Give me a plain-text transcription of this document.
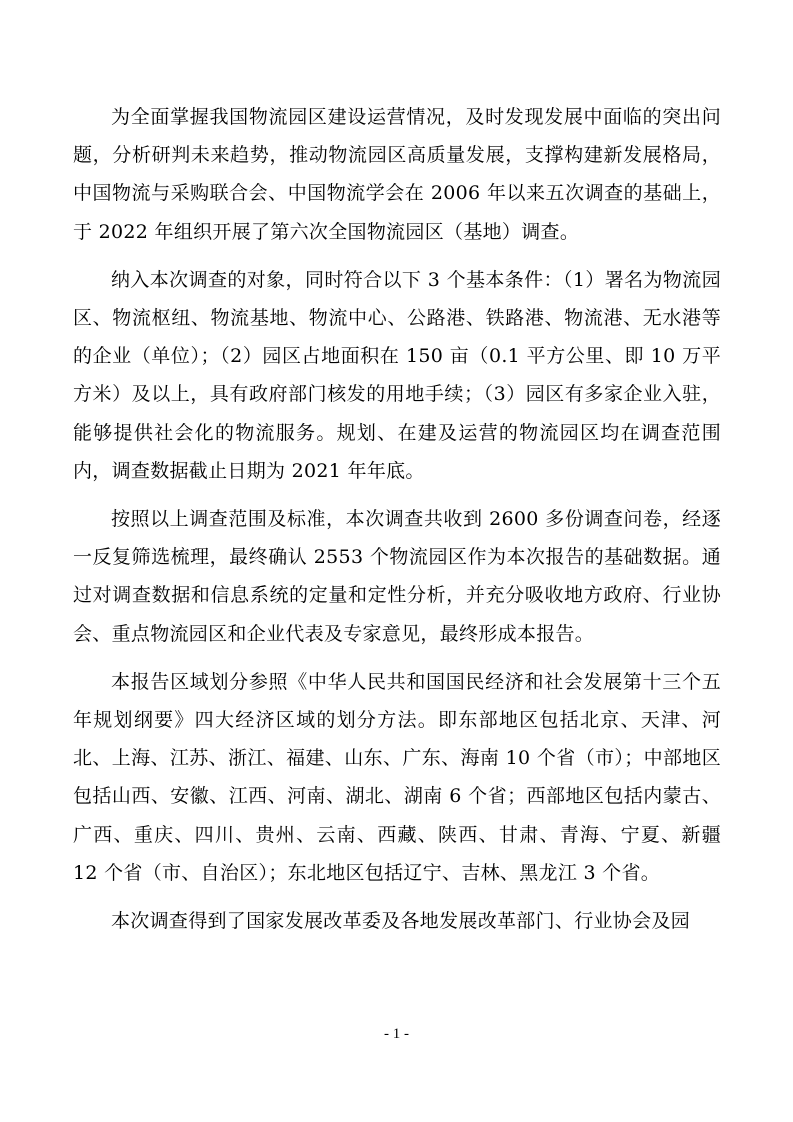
为全面掌握我国物流园区建设运营情况，及时发现发展中面临的突出问题，分析研判未来趋势，推动物流园区高质量发展，支撑构建新发展格局，中国物流与采购联合会、中国物流学会在 2006 年以来五次调查的基础上，于 2022 年组织开展了第六次全国物流园区（基地）调查。

纳入本次调查的对象，同时符合以下 3 个基本条件：（1）署名为物流园区、物流枢纽、物流基地、物流中心、公路港、铁路港、物流港、无水港等的企业（单位）；（2）园区占地面积在 150 亩（0.1 平方公里、即 10 万平方米）及以上，具有政府部门核发的用地手续；（3）园区有多家企业入驻，能够提供社会化的物流服务。规划、在建及运营的物流园区均在调查范围内，调查数据截止日期为 2021 年年底。

按照以上调查范围及标准，本次调查共收到 2600 多份调查问卷，经逐一反复筛选梳理，最终确认 2553 个物流园区作为本次报告的基础数据。通过对调查数据和信息系统的定量和定性分析，并充分吸收地方政府、行业协会、重点物流园区和企业代表及专家意见，最终形成本报告。

本报告区域划分参照《中华人民共和国国民经济和社会发展第十三个五年规划纲要》四大经济区域的划分方法。即东部地区包括北京、天津、河北、上海、江苏、浙江、福建、山东、广东、海南 10 个省（市）；中部地区包括山西、安徽、江西、河南、湖北、湖南 6 个省；西部地区包括内蒙古、广西、重庆、四川、贵州、云南、西藏、陕西、甘肃、青海、宁夏、新疆 12 个省（市、自治区）；东北地区包括辽宁、吉林、黑龙江 3 个省。

本次调查得到了国家发展改革委及各地发展改革部门、行业协会及园

- 1 -
